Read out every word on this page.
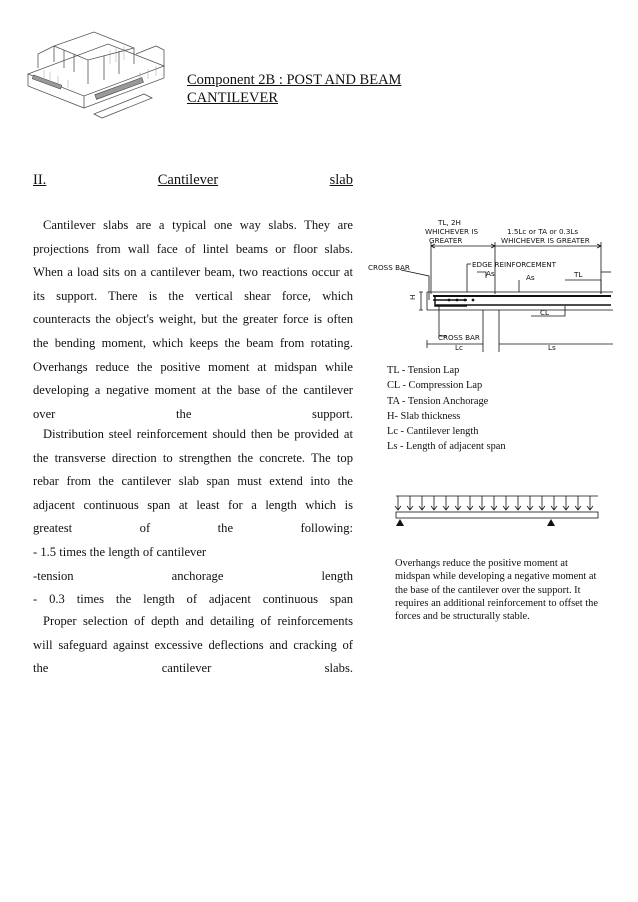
Component 2B : POST AND BEAM
CANTILEVER
II.	Cantilever	slab

Cantilever slabs are a typical one way slabs. They are

projections from wall face of lintel beams or floor slabs.

When a load sits on a cantilever beam, two reactions occur at

its support. There is the vertical shear force, which

counteracts the object's weight, but the greater force is often

the bending moment, which keeps the beam from rotating.

Overhangs reduce the positive moment at midspan while

developing a negative moment at the base of the cantilever

over the support.

Distribution steel reinforcement should then be provided at

the transverse direction to strengthen the concrete. The top

rebar from the cantilever slab span must extend into the

adjacent continuous span at least for a length which is

greatest of the following:

- 1.5 times the length of cantilever

-tension anchorage length

- 0.3 times the length of adjacent continuous span

Proper selection of depth and detailing of reinforcements

will safeguard against excessive deflections and cracking of

the cantilever slabs.

TL, 2H
WHICHEVER IS
GREATER
1.5Lc or TA or 0.3Ls
WHICHEVER IS GREATER
CROSS BAR	EDGE REINFORCEMENT
As	As	TL
H
CL
CROSS BAR
Lc	Ls
TL - Tension Lap
CL - Compression Lap
TA - Tension Anchorage
H- Slab thickness
Lc - Cantilever length
Ls - Length of adjacent span
Overhangs reduce the positive moment at
midspan while developing a negative moment at
the base of the cantilever over the support. It
requires an additional reinforcement to offset the
forces and be structurally stable.
